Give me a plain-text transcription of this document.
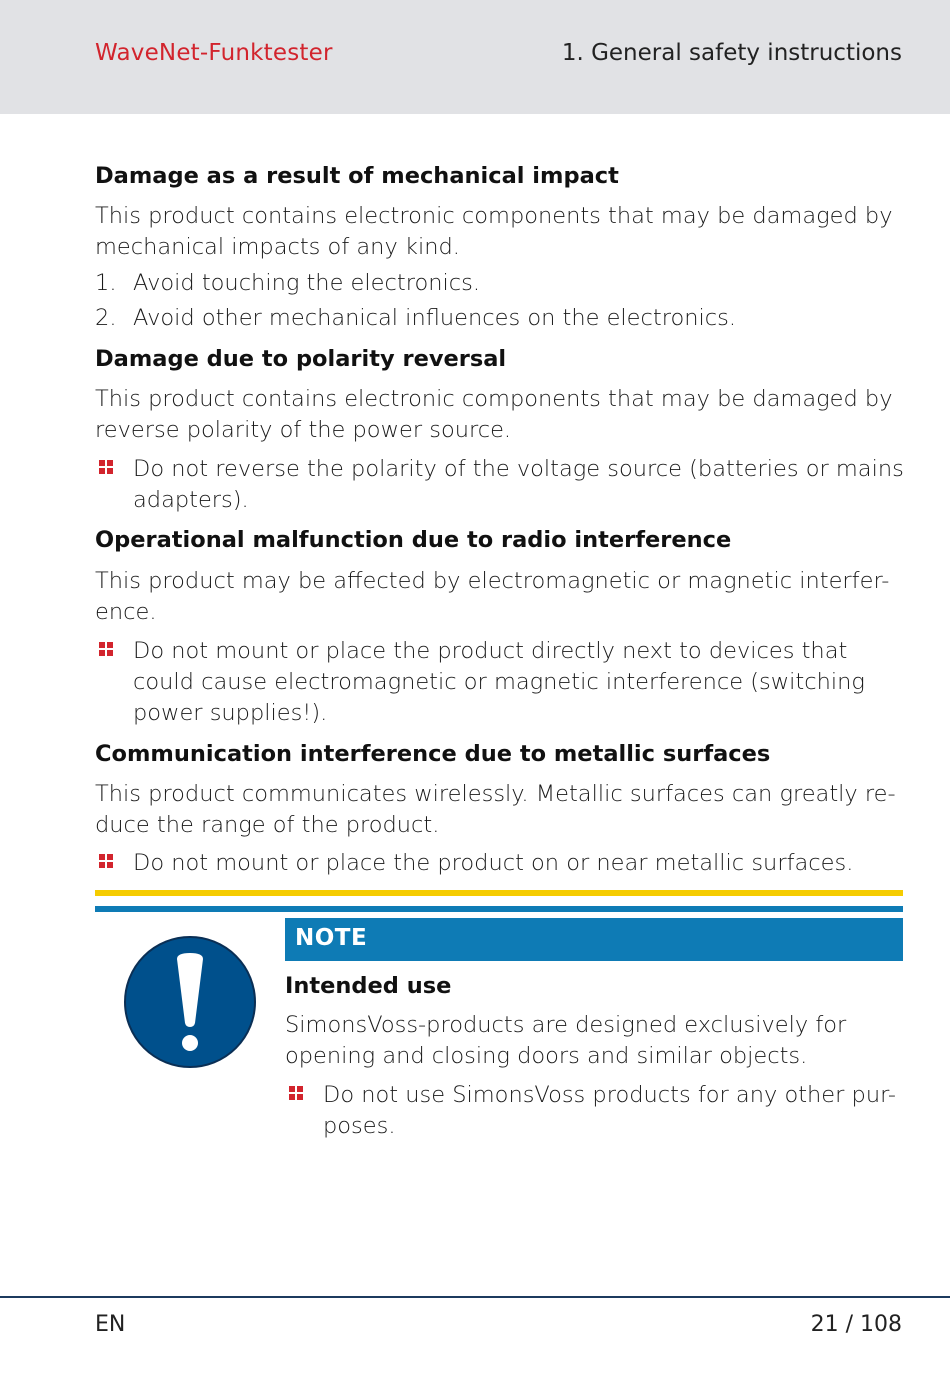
WaveNet-Funktester	1. General safety instructions
Damage as a result of mechanical impact
This product contains electronic components that may be damaged by
mechanical impacts of any kind.
1. Avoid touching the electronics.
2. Avoid other mechanical influences on the electronics.
Damage due to polarity reversal
This product contains electronic components that may be damaged by
reverse polarity of the power source.
Do not reverse the polarity of the voltage source (batteries or mains
adapters).
Operational malfunction due to radio interference
This product may be affected by electromagnetic or magnetic interfer-
ence.
Do not mount or place the product directly next to devices that
could cause electromagnetic or magnetic interference (switching
power supplies!).
Communication interference due to metallic surfaces
This product communicates wirelessly. Metallic surfaces can greatly re-
duce the range of the product.
Do not mount or place the product on or near metallic surfaces.
NOTE
Intended use
SimonsVoss-products are designed exclusively for
opening and closing doors and similar objects.
Do not use SimonsVoss products for any other pur-
poses.
EN	21 / 108
